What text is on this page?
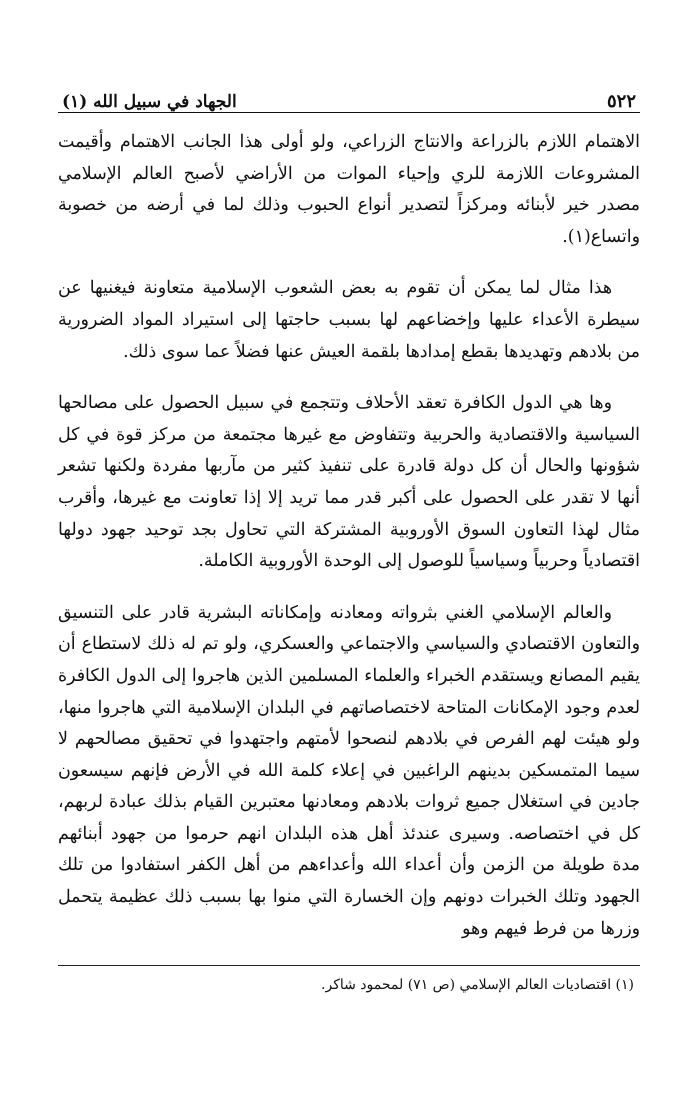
٥٢٢
الجهاد في سبيل الله (١)

الاهتمام اللازم بالزراعة والانتاج الزراعي، ولو أولى هذا الجانب الاهتمام وأقيمت المشروعات اللازمة للري وإحياء الموات من الأراضي لأصبح العالم الإسلامي مصدر خير لأبنائه ومركزاً لتصدير أنواع الحبوب وذلك لما في أرضه من خصوبة واتساع(١).

هذا مثال لما يمكن أن تقوم به بعض الشعوب الإسلامية متعاونة فيغنيها عن سيطرة الأعداء عليها وإخضاعهم لها بسبب حاجتها إلى استيراد المواد الضرورية من بلادهم وتهديدها بقطع إمدادها بلقمة العيش عنها فضلاً عما سوى ذلك.

وها هي الدول الكافرة تعقد الأحلاف وتتجمع في سبيل الحصول على مصالحها السياسية والاقتصادية والحربية وتتفاوض مع غيرها مجتمعة من مركز قوة في كل شؤونها والحال أن كل دولة قادرة على تنفيذ كثير من مآربها مفردة ولكنها تشعر أنها لا تقدر على الحصول على أكبر قدر مما تريد إلا إذا تعاونت مع غيرها، وأقرب مثال لهذا التعاون السوق الأوروبية المشتركة التي تحاول بجد توحيد جهود دولها اقتصادياً وحربياً وسياسياً للوصول إلى الوحدة الأوروبية الكاملة.

والعالم الإسلامي الغني بثرواته ومعادنه وإمكاناته البشرية قادر على التنسيق والتعاون الاقتصادي والسياسي والاجتماعي والعسكري، ولو تم له ذلك لاستطاع أن يقيم المصانع ويستقدم الخبراء والعلماء المسلمين الذين هاجروا إلى الدول الكافرة لعدم وجود الإمكانات المتاحة لاختصاصاتهم في البلدان الإسلامية التي هاجروا منها، ولو هيئت لهم الفرص في بلادهم لنصحوا لأمتهم واجتهدوا في تحقيق مصالحهم لا سيما المتمسكين بدينهم الراغبين في إعلاء كلمة الله في الأرض فإنهم سيسعون جادين في استغلال جميع ثروات بلادهم ومعادنها معتبرين القيام بذلك عبادة لربهم، كل في اختصاصه. وسيرى عندئذ أهل هذه البلدان انهم حرموا من جهود أبنائهم مدة طويلة من الزمن وأن أعداء الله وأعداءهم من أهل الكفر استفادوا من تلك الجهود وتلك الخبرات دونهم وإن الخسارة التي منوا بها بسبب ذلك عظيمة يتحمل وزرها من فرط فيهم وهو

(١) اقتصاديات العالم الإسلامي (ص ٧١) لمحمود شاكر.
